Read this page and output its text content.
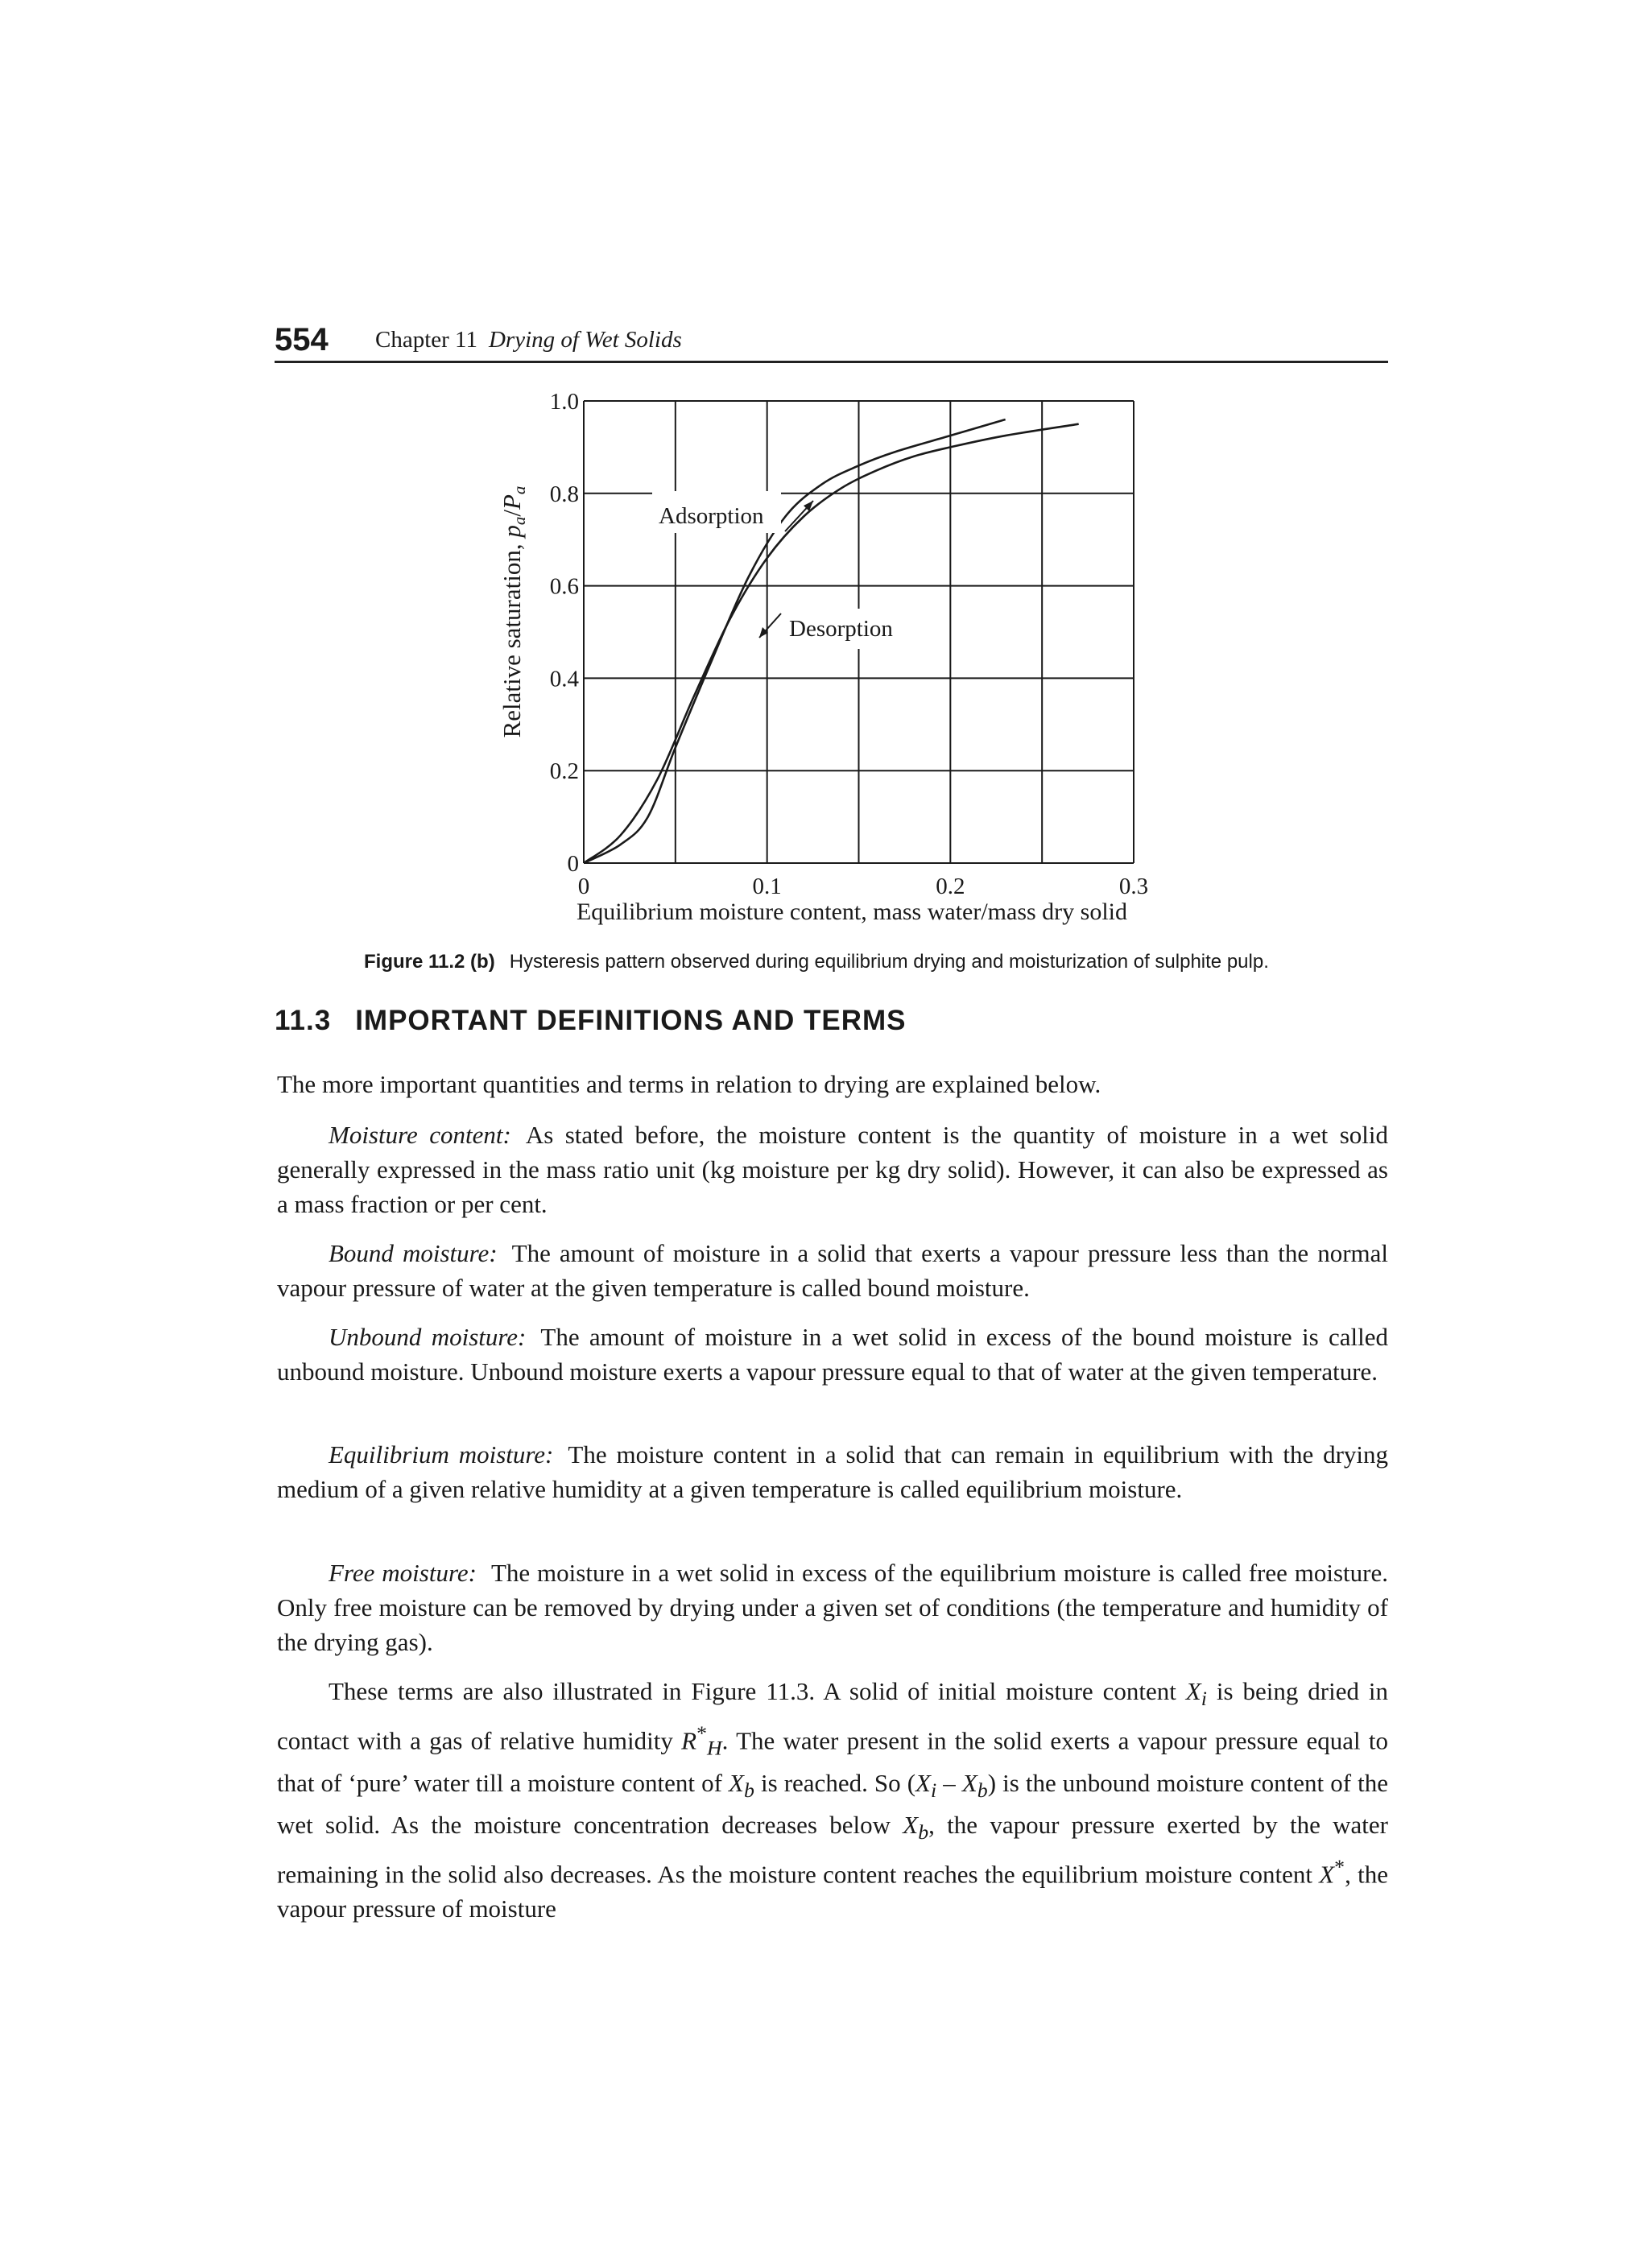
554 Chapter 11 Drying of Wet Solids
0	0.1	0.2	0.3
0
0.2
0.4
0.6
0.8
1.0
Adsorption
Desorption
Equilibrium moisture content, mass water/mass dry solid
Relative saturation, pa/Pa
Figure 11.2 (b) Hysteresis pattern observed during equilibrium drying and moisturization of sulphite pulp.
11.3 IMPORTANT DEFINITIONS AND TERMS

The more important quantities and terms in relation to drying are explained below.

Moisture content: As stated before, the moisture content is the quantity of moisture in a wet solid generally expressed in the mass ratio unit (kg moisture per kg dry solid). However, it can also be expressed as a mass fraction or per cent.

Bound moisture: The amount of moisture in a solid that exerts a vapour pressure less than the normal vapour pressure of water at the given temperature is called bound moisture.

Unbound moisture: The amount of moisture in a wet solid in excess of the bound moisture is called unbound moisture. Unbound moisture exerts a vapour pressure equal to that of water at the given temperature.

Equilibrium moisture: The moisture content in a solid that can remain in equilibrium with the drying medium of a given relative humidity at a given temperature is called equilibrium moisture.

Free moisture: The moisture in a wet solid in excess of the equilibrium moisture is called free moisture. Only free moisture can be removed by drying under a given set of conditions (the temperature and humidity of the drying gas).

These terms are also illustrated in Figure 11.3. A solid of initial moisture content $X_i$ is being dried in contact with a gas of relative humidity $R^*_H$. The water present in the solid exerts a vapour pressure equal to that of ‘pure’ water till a moisture content of $X_b$ is reached. So $(X_i - X_b)$ is the unbound moisture content of the wet solid. As the moisture concentration decreases below $X_b$, the vapour pressure exerted by the water remaining in the solid also decreases. As the moisture content reaches the equilibrium moisture content X*, the vapour pressure of moisture
